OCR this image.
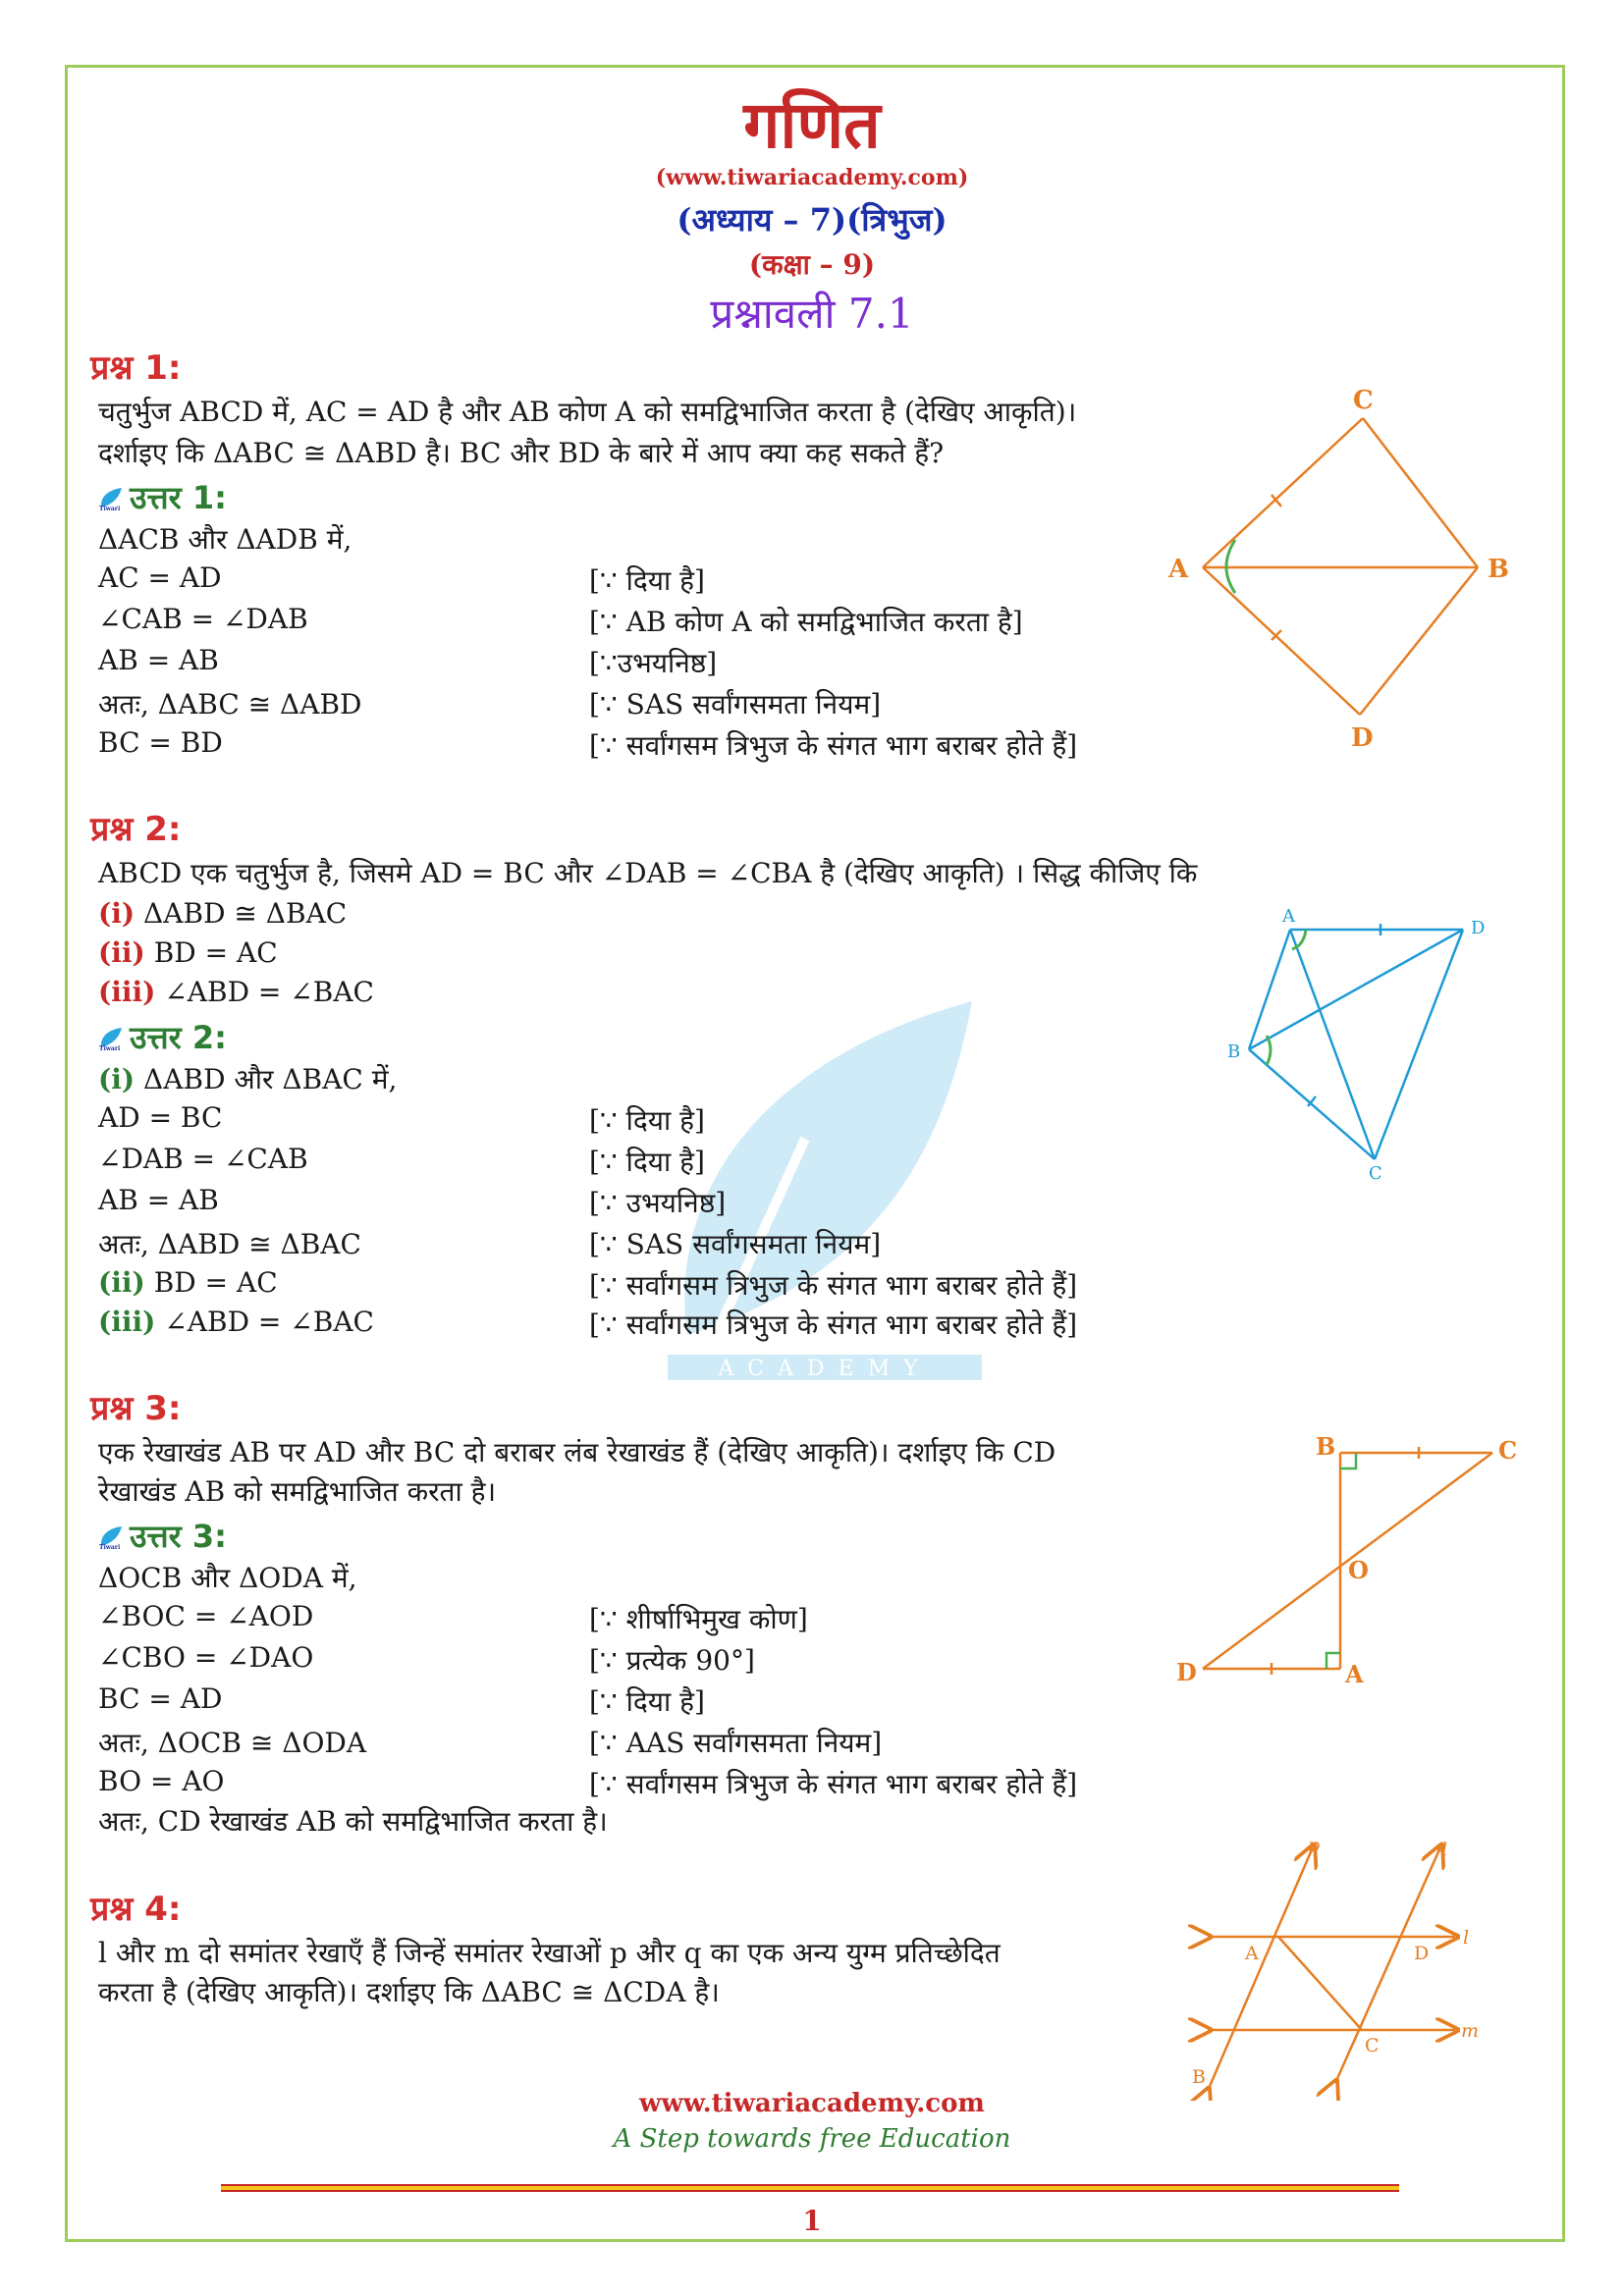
ACADEMY
गणित
(www.tiwariacademy.com)
(अध्याय – 7)(त्रिभुज)
(कक्षा – 9)
प्रश्नावली 7.1
प्रश्न 1:
चतुर्भुज ABCD में, AC = AD है और AB कोण A को समद्विभाजित करता है (देखिए आकृति)।
दर्शाइए कि ΔABC ≅ ΔABD है। BC और BD के बारे में आप क्या कह सकते हैं?
Tiwari उत्तर 1:
ΔACB और ΔADB में,
AC = AD	[∵ दिया है]
∠CAB = ∠DAB	[∵ AB कोण A को समद्विभाजित करता है]
AB = AB	[∵उभयनिष्ठ]
अतः, ΔABC ≅ ΔABD	[∵ SAS सर्वांगसमता नियम]
BC = BD	[∵ सर्वांगसम त्रिभुज के संगत भाग बराबर होते हैं]
A
C
B
D
प्रश्न 2:
ABCD एक चतुर्भुज है, जिसमे AD = BC और ∠DAB = ∠CBA है (देखिए आकृति) । सिद्ध कीजिए कि
(i) ΔABD ≅ ΔBAC
(ii) BD = AC
(iii) ∠ABD = ∠BAC
Tiwari उत्तर 2:
(i) ΔABD और ΔBAC में,
AD = BC	[∵ दिया है]
∠DAB = ∠CAB	[∵ दिया है]
AB = AB	[∵ उभयनिष्ठ]
अतः, ΔABD ≅ ΔBAC	[∵ SAS सर्वांगसमता नियम]
(ii) BD = AC	[∵ सर्वांगसम त्रिभुज के संगत भाग बराबर होते हैं]
(iii) ∠ABD = ∠BAC	[∵ सर्वांगसम त्रिभुज के संगत भाग बराबर होते हैं]
A
D
B
C
प्रश्न 3:
एक रेखाखंड AB पर AD और BC दो बराबर लंब रेखाखंड हैं (देखिए आकृति)। दर्शाइए कि CD
रेखाखंड AB को समद्विभाजित करता है।
Tiwari उत्तर 3:
ΔOCB और ΔODA में,
∠BOC = ∠AOD	[∵ शीर्षाभिमुख कोण]
∠CBO = ∠DAO	[∵ प्रत्येक 90°]
BC = AD	[∵ दिया है]
अतः, ΔOCB ≅ ΔODA	[∵ AAS सर्वांगसमता नियम]
BO = AO	[∵ सर्वांगसम त्रिभुज के संगत भाग बराबर होते हैं]
अतः, CD रेखाखंड AB को समद्विभाजित करता है।
B	C
O
D	A
प्रश्न 4:
l और m दो समांतर रेखाएँ हैं जिन्हें समांतर रेखाओं p और q का एक अन्य युग्म प्रतिच्छेदित
करता है (देखिए आकृति)। दर्शाइए कि ΔABC ≅ ΔCDA है।
A	D
B
C
p	q
l
m
www.tiwariacademy.com
A Step towards free Education
1
